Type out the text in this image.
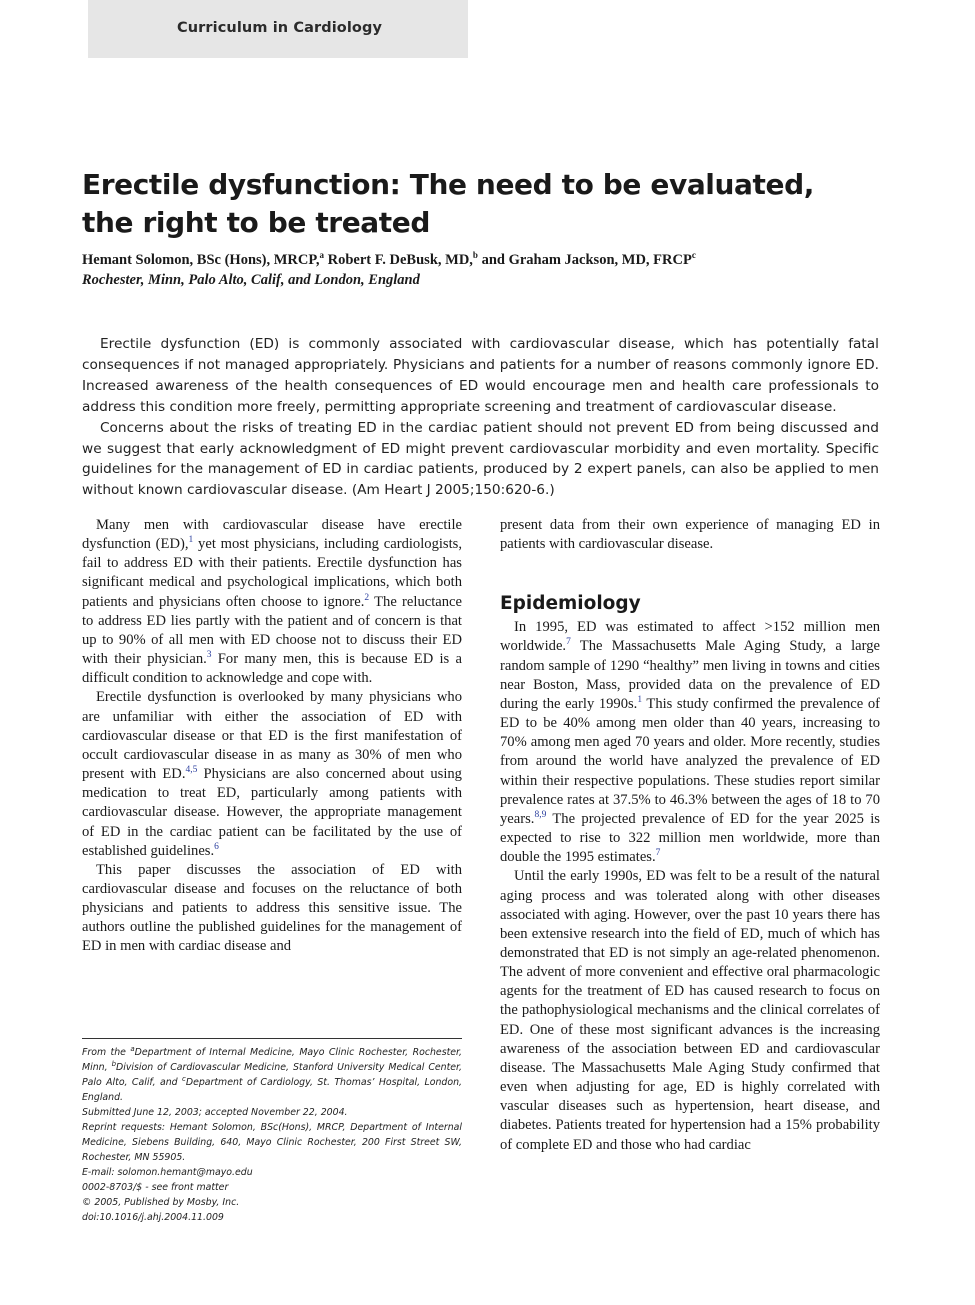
Curriculum in Cardiology
Erectile dysfunction: The need to be evaluated, the right to be treated
Hemant Solomon, BSc (Hons), MRCP,$^a$ Robert F. DeBusk, MD,$^b$ and Graham Jackson, MD, FRCP$^c$
Rochester, Minn, Palo Alto, Calif, and London, England

Erectile dysfunction (ED) is commonly associated with cardiovascular disease, which has potentially fatal consequences if not managed appropriately. Physicians and patients for a number of reasons commonly ignore ED. Increased awareness of the health consequences of ED would encourage men and health care professionals to address this condition more freely, permitting appropriate screening and treatment of cardiovascular disease.

Concerns about the risks of treating ED in the cardiac patient should not prevent ED from being discussed and we suggest that early acknowledgment of ED might prevent cardiovascular morbidity and even mortality. Specific guidelines for the management of ED in cardiac patients, produced by 2 expert panels, can also be applied to men without known cardiovascular disease. (Am Heart J 2005;150:620-6.)

Many men with cardiovascular disease have erectile dysfunction (ED),$^1$ yet most physicians, including cardiologists, fail to address ED with their patients. Erectile dysfunction has significant medical and psychological implications, which both patients and physicians often choose to ignore.$^2$ The reluctance to address ED lies partly with the patient and of concern is that up to 90% of all men with ED choose not to discuss their ED with their physician.$^3$ For many men, this is because ED is a difficult condition to acknowledge and cope with.

Erectile dysfunction is overlooked by many physicians who are unfamiliar with either the association of ED with cardiovascular disease or that ED is the first manifestation of occult cardiovascular disease in as many as 30% of men who present with ED.$^{4,5}$ Physicians are also concerned about using medication to treat ED, particularly among patients with cardiovascular disease. However, the appropriate management of ED in the cardiac patient can be facilitated by the use of established guidelines.$^6$

This paper discusses the association of ED with cardiovascular disease and focuses on the reluctance of both physicians and patients to address this sensitive issue. The authors outline the published guidelines for the management of ED in men with cardiac disease and

present data from their own experience of managing ED in patients with cardiovascular disease.

Epidemiology

In 1995, ED was estimated to affect >152 million men worldwide.$^7$ The Massachusetts Male Aging Study, a large random sample of 1290 “healthy” men living in towns and cities near Boston, Mass, provided data on the prevalence of ED during the early 1990s.$^1$ This study confirmed the prevalence of ED to be 40% among men older than 40 years, increasing to 70% among men aged 70 years and older. More recently, studies from around the world have analyzed the prevalence of ED within their respective populations. These studies report similar prevalence rates at 37.5% to 46.3% between the ages of 18 to 70 years.$^{8,9}$ The projected prevalence of ED for the year 2025 is expected to rise to 322 million men worldwide, more than double the 1995 estimates.$^7$

Until the early 1990s, ED was felt to be a result of the natural aging process and was tolerated along with other diseases associated with aging. However, over the past 10 years there has been extensive research into the field of ED, much of which has demonstrated that ED is not simply an age-related phenomenon. The advent of more convenient and effective oral pharmacologic agents for the treatment of ED has caused research to focus on the pathophysiological mechanisms and the clinical correlates of ED. One of these most significant advances is the increasing awareness of the association between ED and cardiovascular disease. The Massachusetts Male Aging Study confirmed that even when adjusting for age, ED is highly correlated with vascular diseases such as hypertension, heart disease, and diabetes. Patients treated for hypertension had a 15% probability of complete ED and those who had cardiac

From the $^a$Department of Internal Medicine, Mayo Clinic Rochester, Rochester, Minn, $^b$Division of Cardiovascular Medicine, Stanford University Medical Center, Palo Alto, Calif, and $^c$Department of Cardiology, St. Thomas’ Hospital, London, England.
Submitted June 12, 2003; accepted November 22, 2004.
Reprint requests: Hemant Solomon, BSc(Hons), MRCP, Department of Internal Medicine, Siebens Building, 640, Mayo Clinic Rochester, 200 First Street SW, Rochester, MN 55905.
E-mail: solomon.hemant@mayo.edu
0002-8703/$ - see front matter
© 2005, Published by Mosby, Inc.
doi:10.1016/j.ahj.2004.11.009
